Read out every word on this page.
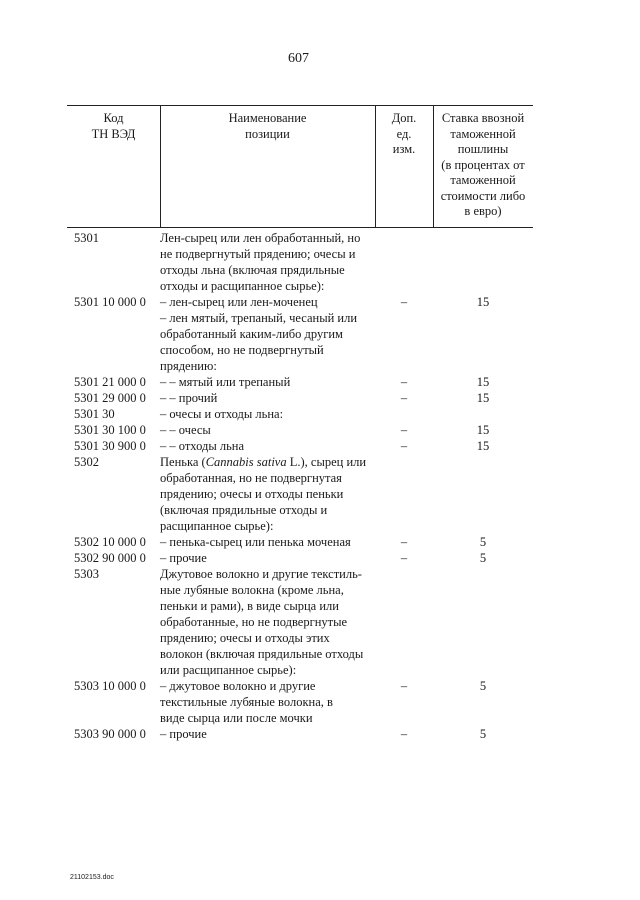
607
Код
ТН ВЭД
Наименование
позиции
Доп.
ед.
изм.
Ставка ввозной
таможенной
пошлины
(в процентах от
таможенной
стоимости либо
в евро)
5301	Лен-сырец или лен обработанный, но
не подвергнутый прядению; очесы и
отходы льна (включая прядильные
отходы и расщипанное сырье):
5301 10 000 0	– лен-сырец или лен-моченец	–	15
– лен мятый, трепаный, чесаный или
обработанный каким-либо другим
способом, но не подвергнутый
прядению:
5301 21 000 0	– – мятый или трепаный	–	15
5301 29 000 0	– – прочий	–	15
5301 30	– очесы и отходы льна:
5301 30 100 0	– – очесы	–	15
5301 30 900 0	– – отходы льна	–	15
5302	Пенька (Cannabis sativa L.), сырец или
обработанная, но не подвергнутая
прядению; очесы и отходы пеньки
(включая прядильные отходы и
расщипанное сырье):
5302 10 000 0	– пенька-сырец или пенька моченая	–	5
5302 90 000 0	– прочие	–	5
5303	Джутовое волокно и другие текстиль-
ные лубяные волокна (кроме льна,
пеньки и рами), в виде сырца или
обработанные, но не подвергнутые
прядению; очесы и отходы этих
волокон (включая прядильные отходы
или расщипанное сырье):
5303 10 000 0	– джутовое волокно и другие
текстильные лубяные волокна, в
виде сырца или после мочки
–	5
5303 90 000 0	– прочие	–	5
21102153.doc
